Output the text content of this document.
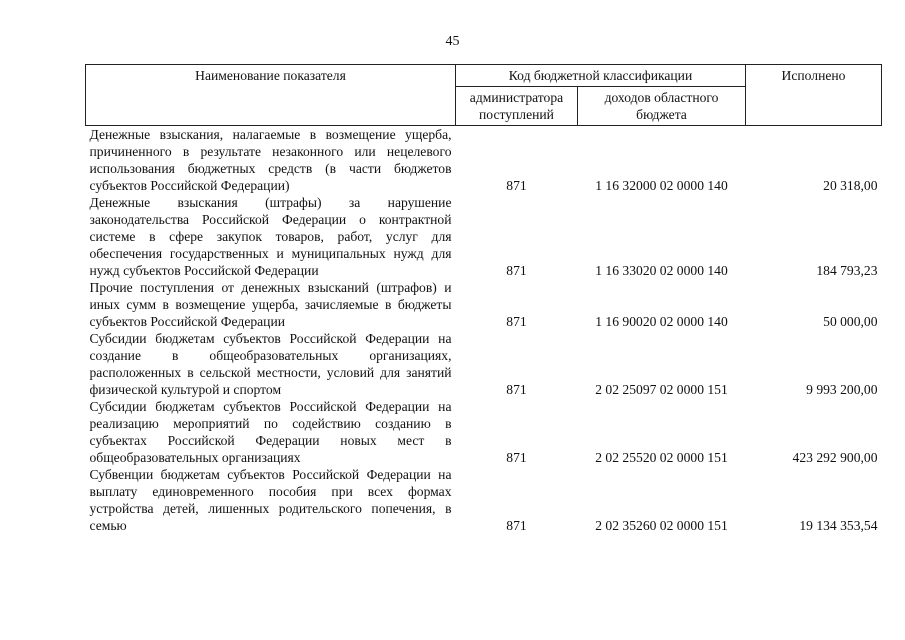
45
Наименование показателя	Код бюджетной классификации		Исполнено
	администратора поступлений	доходов областного бюджета	
Денежные взыскания, налагаемые в возмещение ущерба, причиненного в результате незаконного или нецелевого использования бюджетных средств (в части бюджетов субъектов Российской Федерации)	871	1 16 32000 02 0000 140	20 318,00
Денежные взыскания (штрафы) за нарушение законодательства Российской Федерации о контрактной системе в сфере закупок товаров, работ, услуг для обеспечения государственных и муниципальных нужд для нужд субъектов Российской Федерации	871	1 16 33020 02 0000 140	184 793,23
Прочие поступления от денежных взысканий (штрафов) и иных сумм в возмещение ущерба, зачисляемые в бюджеты субъектов Российской Федерации	871	1 16 90020 02 0000 140	50 000,00
Субсидии бюджетам субъектов Российской Федерации на создание в общеобразовательных организациях, расположенных в сельской местности, условий для занятий физической культурой и спортом	871	2 02 25097 02 0000 151	9 993 200,00
Субсидии бюджетам субъектов Российской Федерации на реализацию мероприятий по содействию созданию в субъектах Российской Федерации новых мест в общеобразовательных организациях	871	2 02 25520 02 0000 151	423 292 900,00
Субвенции бюджетам субъектов Российской Федерации на выплату единовременного пособия при всех формах устройства детей, лишенных родительского попечения, в семью	871	2 02 35260 02 0000 151	19 134 353,54
